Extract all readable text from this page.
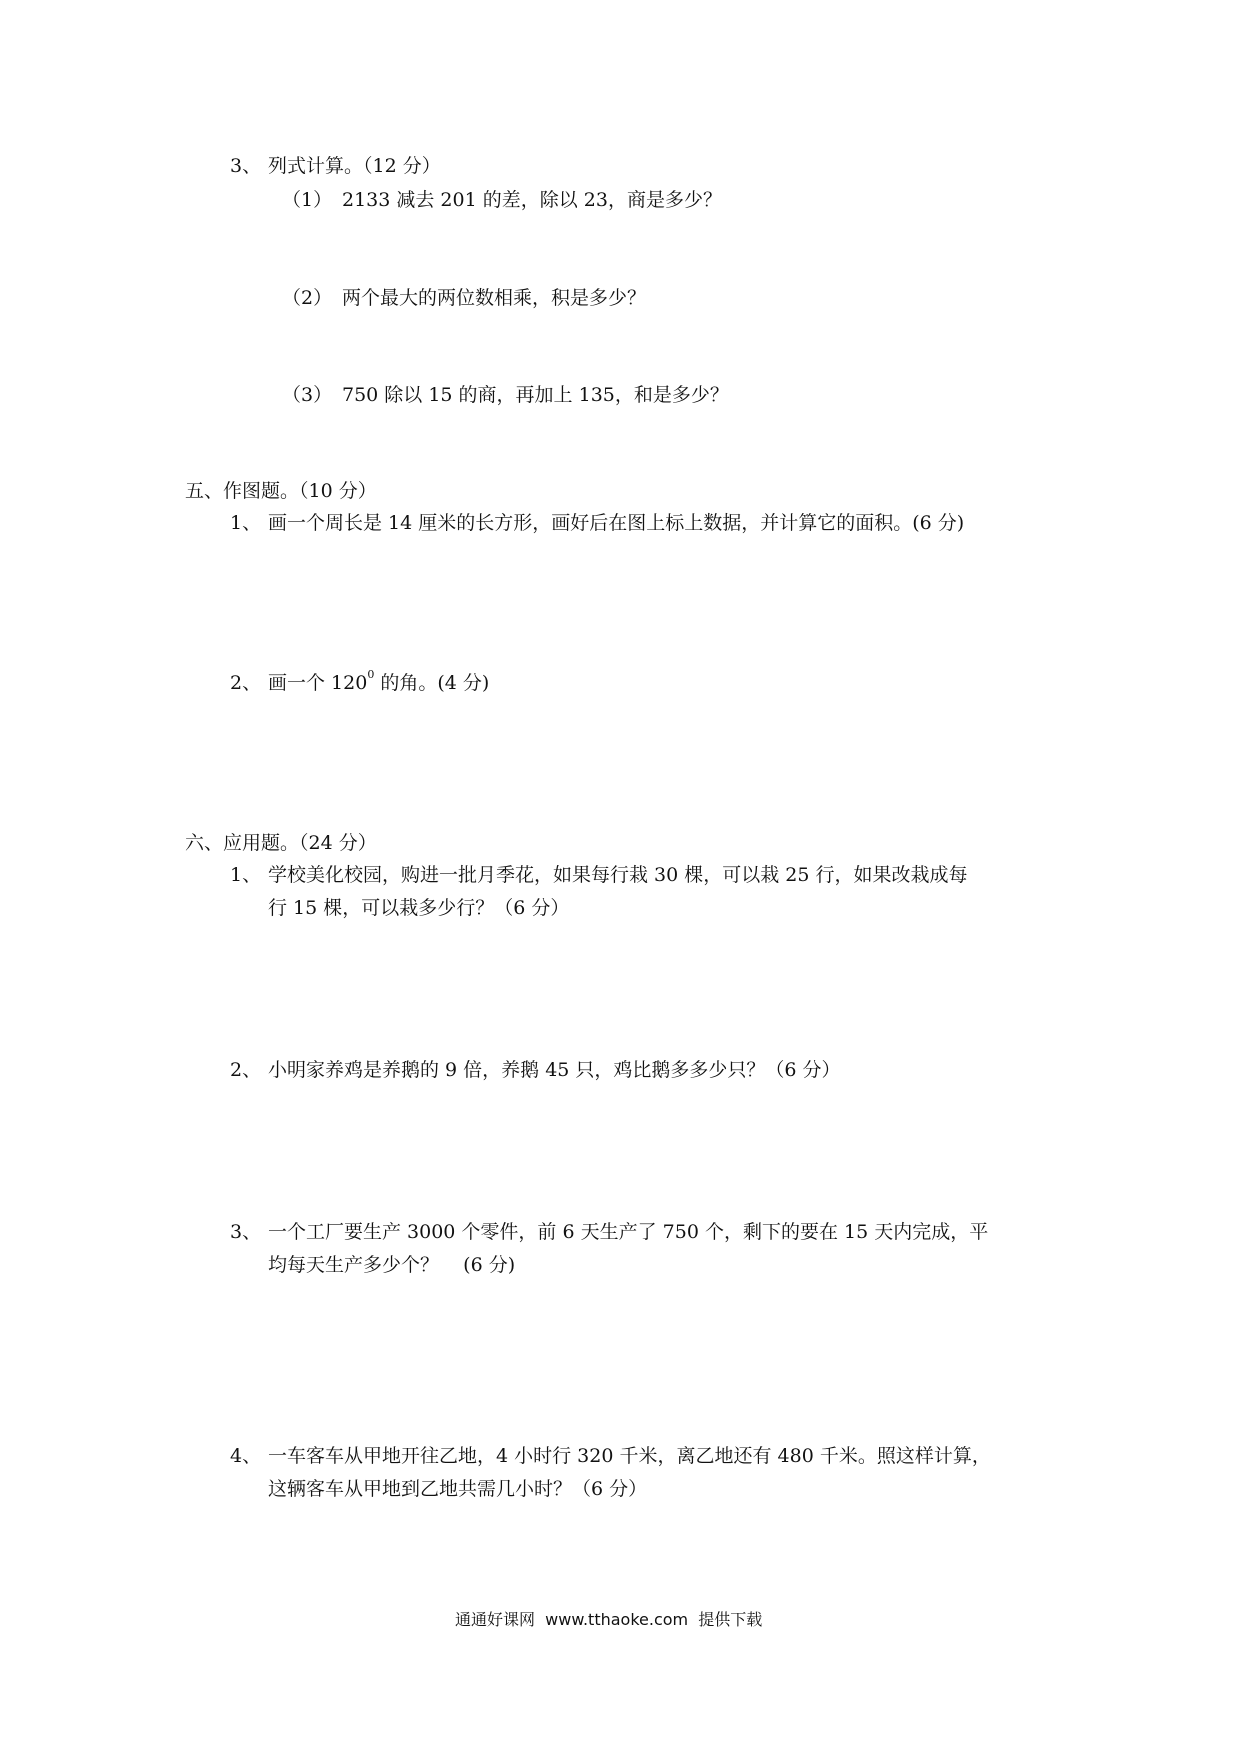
3、 列式计算。（12 分）
（1） 2133 减去 201 的差，除以 23，商是多少？
（2） 两个最大的两位数相乘，积是多少？
（3） 750 除以 15 的商，再加上 135，和是多少？
五、作图题。（10 分）
1、 画一个周长是 14 厘米的长方形，画好后在图上标上数据，并计算它的面积。(6 分)
2、 画一个 $120^0$ 的角。(4 分)
六、应用题。（24 分）
1、 学校美化校园，购进一批月季花，如果每行栽 30 棵，可以栽 25 行，如果改栽成每
行 15 棵，可以栽多少行？（6 分）
2、 小明家养鸡是养鹅的 9 倍，养鹅 45 只，鸡比鹅多多少只？（6 分）
3、 一个工厂要生产 3000 个零件，前 6 天生产了 750 个，剩下的要在 15 天内完成，平
均每天生产多少个？    (6 分)
4、 一车客车从甲地开往乙地，4 小时行 320 千米，离乙地还有 480 千米。照这样计算，
这辆客车从甲地到乙地共需几小时？（6 分）
通通好课网  www.tthaoke.com  提供下载
